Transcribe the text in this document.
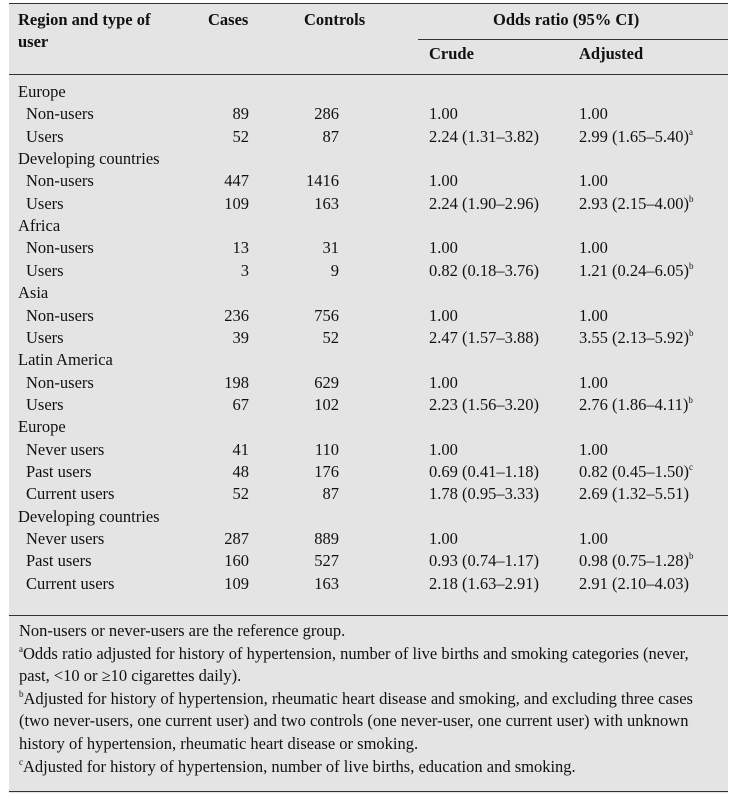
Region and type of user
Cases	Controls	Odds ratio (95% CI)
Crude	Adjusted
Europe
Non-users	89	286	1.00	1.00
Users	52	87	2.24 (1.31–3.82) 2.99 $(1.65-5.40)^a$
Developing countries
Non-users	447	1416	1.00	1.00
Users	109	163	2.24 (1.90–2.96) 2.93 $(2.15-4.00)^b$
Africa
Non-users	13	31	1.00	1.00
Users	3	9	0.82 (0.18–3.76) 1.21 $(0.24-6.05)^b$
Asia
Non-users	236	756	1.00	1.00
Users	39	52	2.47 (1.57–3.88) 3.55 $(2.13-5.92)^b$
Latin America
Non-users	198	629	1.00	1.00
Users	67	102	2.23 (1.56–3.20) 2.76 $(1.86-4.11)^b$
Europe
Never users	41	110	1.00	1.00
Past users	48	176	0.69 (0.41–1.18) 0.82 $(0.45-1.50)^c$
Current users	52	87	1.78 (0.95–3.33) 2.69 (1.32–5.51)
Developing countries
Never users	287	889	1.00	1.00
Past users	160	527	0.93 (0.74–1.17) 0.98 $(0.75-1.28)^b$
Current users	109	163	2.18 (1.63–2.91) 2.91 (2.10–4.03)

Non-users or never-users are the reference group.

$^a$Odds ratio adjusted for history of hypertension, number of live births and smoking categories (never, past, <10 or ≥10 cigarettes daily).

$^b$Adjusted for history of hypertension, rheumatic heart disease and smoking, and excluding three cases (two never-users, one current user) and two controls (one never-user, one current user) with unknown history of hypertension, rheumatic heart disease or smoking.

$^c$Adjusted for history of hypertension, number of live births, education and smoking.
